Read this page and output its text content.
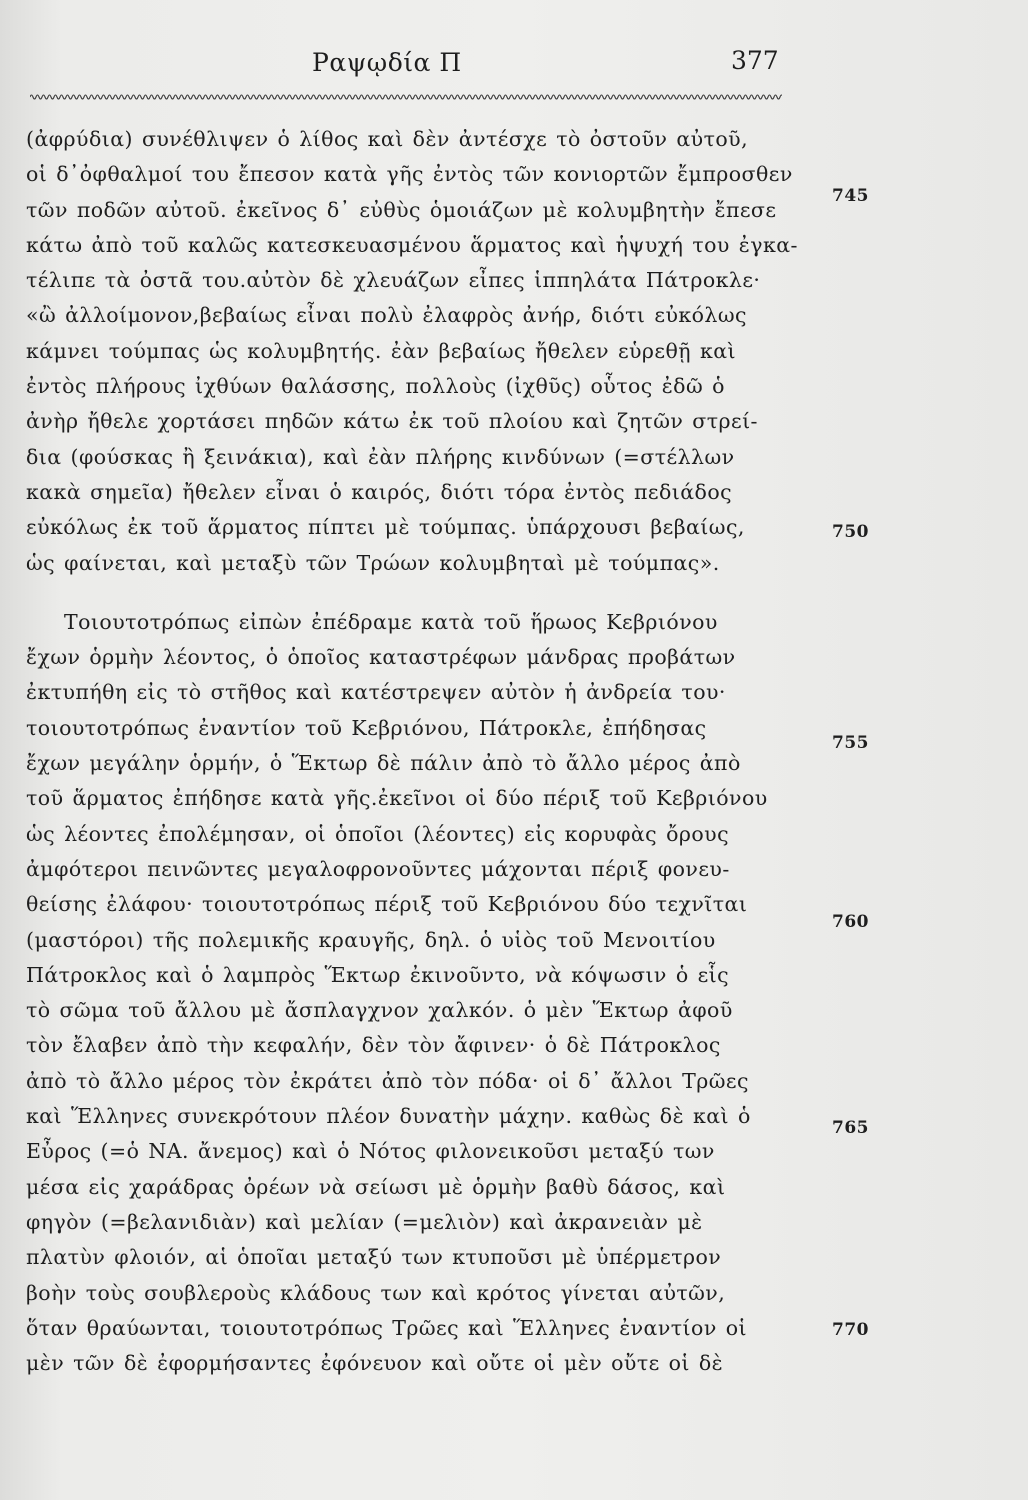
Ραψῳδία Π	377
(ἀφρύδια) συνέθλιψεν ὁ λίθος καὶ δὲν ἀντέσχε τὸ ὀστοῦν αὐτοῦ,
οἱ δ᾽ὀφθαλμοί του ἔπεσον κατὰ γῆς ἐντὸς τῶν κονιορτῶν ἔμπροσθεν
τῶν ποδῶν αὐτοῦ. ἐκεῖνος δ᾽ εὐθὺς ὁμοιάζων μὲ κολυμβητὴν ἔπεσε
κάτω ἀπὸ τοῦ καλῶς κατεσκευασμένου ἅρματος καὶ ἡψυχή του ἐγκα-
τέλιπε τὰ ὀστᾶ του.αὐτὸν δὲ χλευάζων εἶπες ἱππηλάτα Πάτροκλε·
«ὢ ἀλλοίμονον,βεβαίως εἶναι πολὺ ἐλαφρὸς ἀνήρ, διότι εὐκόλως
κάμνει τούμπας ὡς κολυμβητής. ἐὰν βεβαίως ἤθελεν εὑρεθῇ καὶ
ἐντὸς πλήρους ἰχθύων θαλάσσης, πολλοὺς (ἰχθῦς) οὗτος ἐδῶ ὁ
ἀνὴρ ἤθελε χορτάσει πηδῶν κάτω ἐκ τοῦ πλοίου καὶ ζητῶν στρεί-
δια (φούσκας ἢ ξεινάκια), καὶ ἐὰν πλήρης κινδύνων (=στέλλων
κακὰ σημεῖα) ἤθελεν εἶναι ὁ καιρός, διότι τόρα ἐντὸς πεδιάδος
εὐκόλως ἐκ τοῦ ἅρματος πίπτει μὲ τούμπας. ὑπάρχουσι βεβαίως,
ὡς φαίνεται, καὶ μεταξὺ τῶν Τρώων κολυμβηταὶ μὲ τούμπας».
Τοιουτοτρόπως εἰπὼν ἐπέδραμε κατὰ τοῦ ἥρωος Κεβριόνου
ἔχων ὁρμὴν λέοντος, ὁ ὁποῖος καταστρέφων μάνδρας προβάτων
ἐκτυπήθη εἰς τὸ στῆθος καὶ κατέστρεψεν αὐτὸν ἡ ἀνδρεία του·
τοιουτοτρόπως ἐναντίον τοῦ Κεβριόνου, Πάτροκλε, ἐπήδησας
ἔχων μεγάλην ὁρμήν, ὁ Ἕκτωρ δὲ πάλιν ἀπὸ τὸ ἄλλο μέρος ἀπὸ
τοῦ ἅρματος ἐπήδησε κατὰ γῆς.ἐκεῖνοι οἱ δύο πέριξ τοῦ Κεβριόνου
ὡς λέοντες ἐπολέμησαν, οἱ ὁποῖοι (λέοντες) εἰς κορυφὰς ὄρους
ἀμφότεροι πεινῶντες μεγαλοφρονοῦντες μάχονται πέριξ φονευ-
θείσης ἐλάφου· τοιουτοτρόπως πέριξ τοῦ Κεβριόνου δύο τεχνῖται
(μαστόροι) τῆς πολεμικῆς κραυγῆς, δηλ. ὁ υἱὸς τοῦ Μενοιτίου
Πάτροκλος καὶ ὁ λαμπρὸς Ἕκτωρ ἐκινοῦντο, νὰ κόψωσιν ὁ εἷς
τὸ σῶμα τοῦ ἄλλου μὲ ἄσπλαγχνον χαλκόν. ὁ μὲν Ἕκτωρ ἀφοῦ
τὸν ἔλαβεν ἀπὸ τὴν κεφαλήν, δὲν τὸν ἄφινεν· ὁ δὲ Πάτροκλος
ἀπὸ τὸ ἄλλο μέρος τὸν ἐκράτει ἀπὸ τὸν πόδα· οἱ δ᾽ ἄλλοι Τρῶες
καὶ Ἕλληνες συνεκρότουν πλέον δυνατὴν μάχην. καθὼς δὲ καὶ ὁ
Εὖρος (=ὁ ΝΑ. ἄνεμος) καὶ ὁ Νότος φιλονεικοῦσι μεταξύ των
μέσα εἰς χαράδρας ὀρέων νὰ σείωσι μὲ ὁρμὴν βαθὺ δάσος, καὶ
φηγὸν (=βελανιδιὰν) καὶ μελίαν (=μελιὸν) καὶ ἀκρανειὰν μὲ
πλατὺν φλοιόν, αἱ ὁποῖαι μεταξύ των κτυποῦσι μὲ ὑπέρμετρον
βοὴν τοὺς σουβλεροὺς κλάδους των καὶ κρότος γίνεται αὐτῶν,
ὅταν θραύωνται, τοιουτοτρόπως Τρῶες καὶ Ἕλληνες ἐναντίον οἱ
μὲν τῶν δὲ ἐφορμήσαντες ἐφόνευον καὶ οὔτε οἱ μὲν οὔτε οἱ δὲ
745
750
755
760
765
770
